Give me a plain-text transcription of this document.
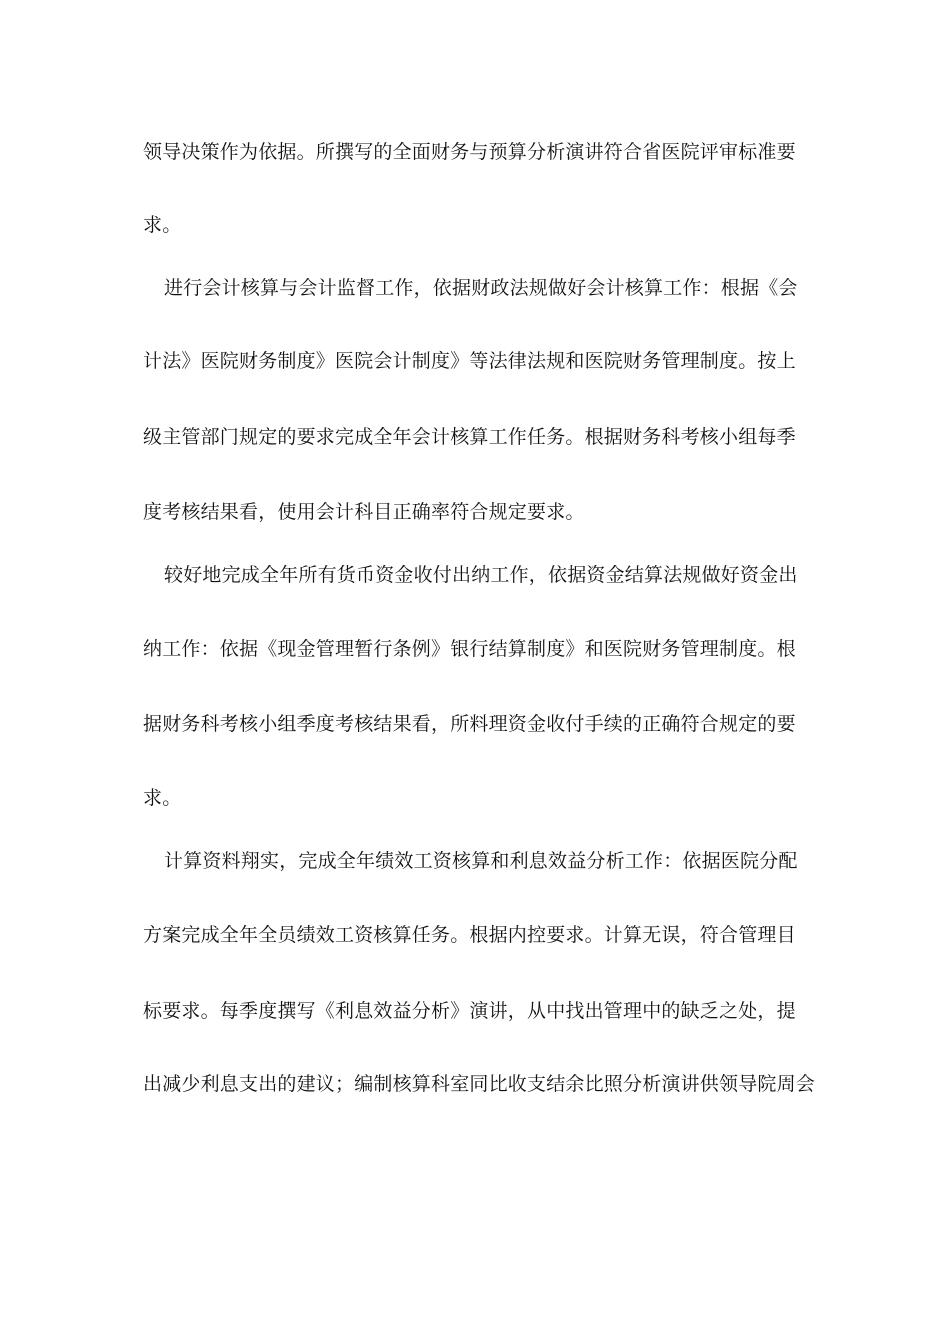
领导决策作为依据。所撰写的全面财务与预算分析演讲符合省医院评审标准要
求。
进行会计核算与会计监督工作，依据财政法规做好会计核算工作：根据《会
计法》医院财务制度》医院会计制度》等法律法规和医院财务管理制度。按上
级主管部门规定的要求完成全年会计核算工作任务。根据财务科考核小组每季
度考核结果看，使用会计科目正确率符合规定要求。
较好地完成全年所有货币资金收付出纳工作，依据资金结算法规做好资金出
纳工作：依据《现金管理暂行条例》银行结算制度》和医院财务管理制度。根
据财务科考核小组季度考核结果看，所料理资金收付手续的正确符合规定的要
求。
计算资料翔实，完成全年绩效工资核算和利息效益分析工作：依据医院分配
方案完成全年全员绩效工资核算任务。根据内控要求。计算无误，符合管理目
标要求。每季度撰写《利息效益分析》演讲，从中找出管理中的缺乏之处，提
出减少利息支出的建议；编制核算科室同比收支结余比照分析演讲供领导院周会
